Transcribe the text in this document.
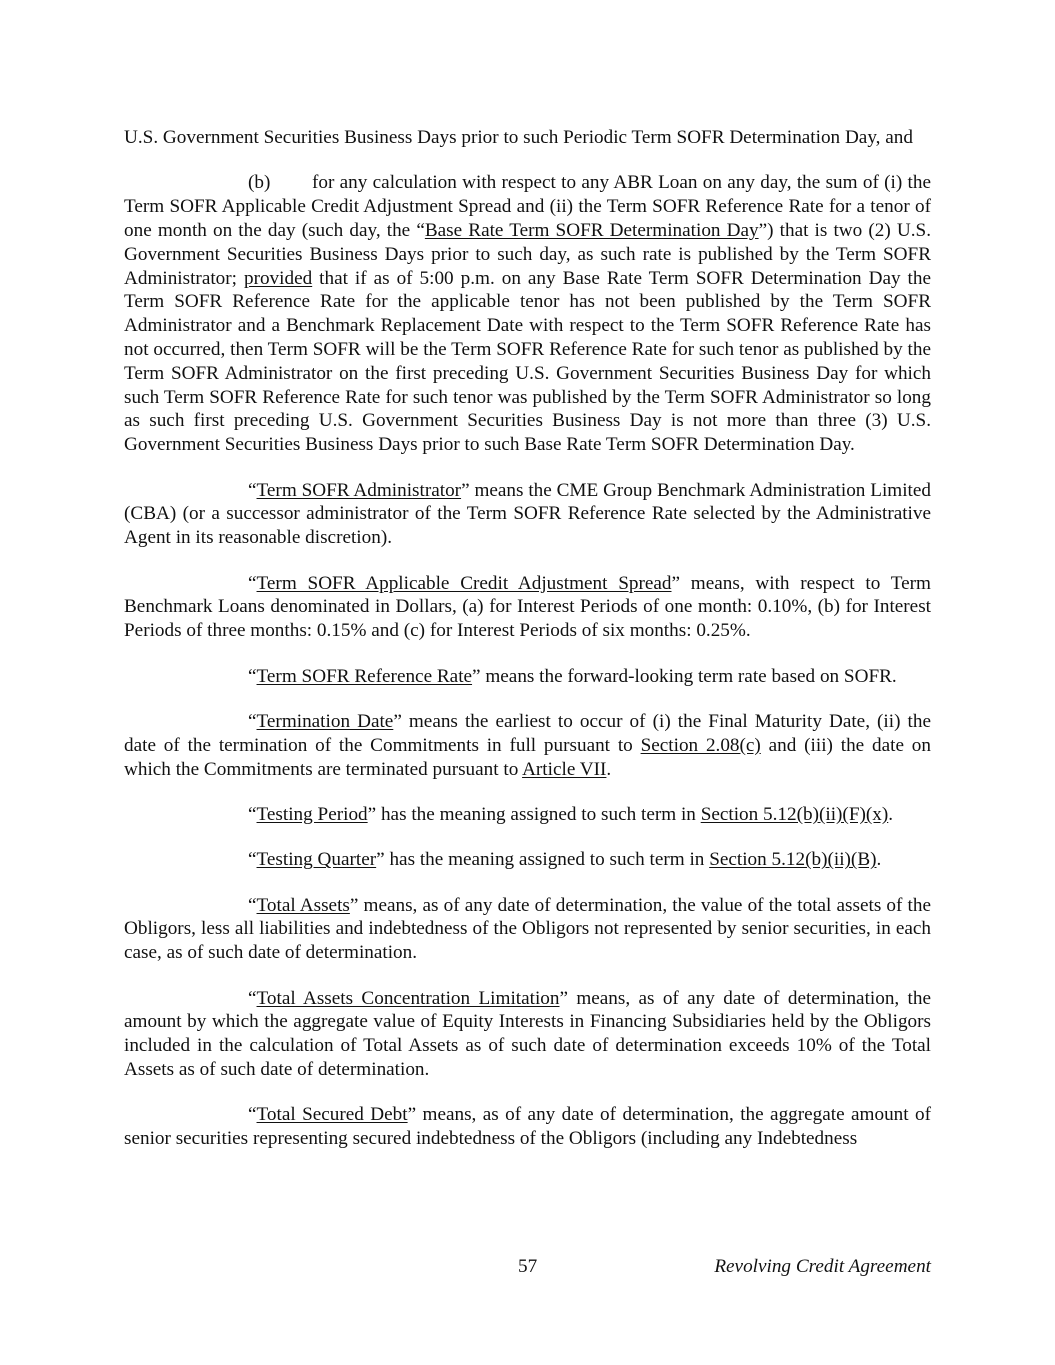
U.S. Government Securities Business Days prior to such Periodic Term SOFR Determination Day, and

(b) for any calculation with respect to any ABR Loan on any day, the sum of (i) the Term SOFR Applicable Credit Adjustment Spread and (ii) the Term SOFR Reference Rate for a tenor of one month on the day (such day, the “Base Rate Term SOFR Determination Day”) that is two (2) U.S. Government Securities Business Days prior to such day, as such rate is published by the Term SOFR Administrator; provided that if as of 5:00 p.m. on any Base Rate Term SOFR Determination Day the Term SOFR Reference Rate for the applicable tenor has not been published by the Term SOFR Administrator and a Benchmark Replacement Date with respect to the Term SOFR Reference Rate has not occurred, then Term SOFR will be the Term SOFR Reference Rate for such tenor as published by the Term SOFR Administrator on the first preceding U.S. Government Securities Business Day for which such Term SOFR Reference Rate for such tenor was published by the Term SOFR Administrator so long as such first preceding U.S. Government Securities Business Day is not more than three (3) U.S. Government Securities Business Days prior to such Base Rate Term SOFR Determination Day.

“Term SOFR Administrator” means the CME Group Benchmark Administration Limited (CBA) (or a successor administrator of the Term SOFR Reference Rate selected by the Administrative Agent in its reasonable discretion).

“Term SOFR Applicable Credit Adjustment Spread” means, with respect to Term Benchmark Loans denominated in Dollars, (a) for Interest Periods of one month: 0.10%, (b) for Interest Periods of three months: 0.15% and (c) for Interest Periods of six months: 0.25%.

“Term SOFR Reference Rate” means the forward-looking term rate based on SOFR.

“Termination Date” means the earliest to occur of (i) the Final Maturity Date, (ii) the date of the termination of the Commitments in full pursuant to Section 2.08(c) and (iii) the date on which the Commitments are terminated pursuant to Article VII.

“Testing Period” has the meaning assigned to such term in Section 5.12(b)(ii)(F)(x).

“Testing Quarter” has the meaning assigned to such term in Section 5.12(b)(ii)(B).

“Total Assets” means, as of any date of determination, the value of the total assets of the Obligors, less all liabilities and indebtedness of the Obligors not represented by senior securities, in each case, as of such date of determination.

“Total Assets Concentration Limitation” means, as of any date of determination, the amount by which the aggregate value of Equity Interests in Financing Subsidiaries held by the Obligors included in the calculation of Total Assets as of such date of determination exceeds 10% of the Total Assets as of such date of determination.

“Total Secured Debt” means, as of any date of determination, the aggregate amount of senior securities representing secured indebtedness of the Obligors (including any Indebtedness

57	Revolving Credit Agreement
